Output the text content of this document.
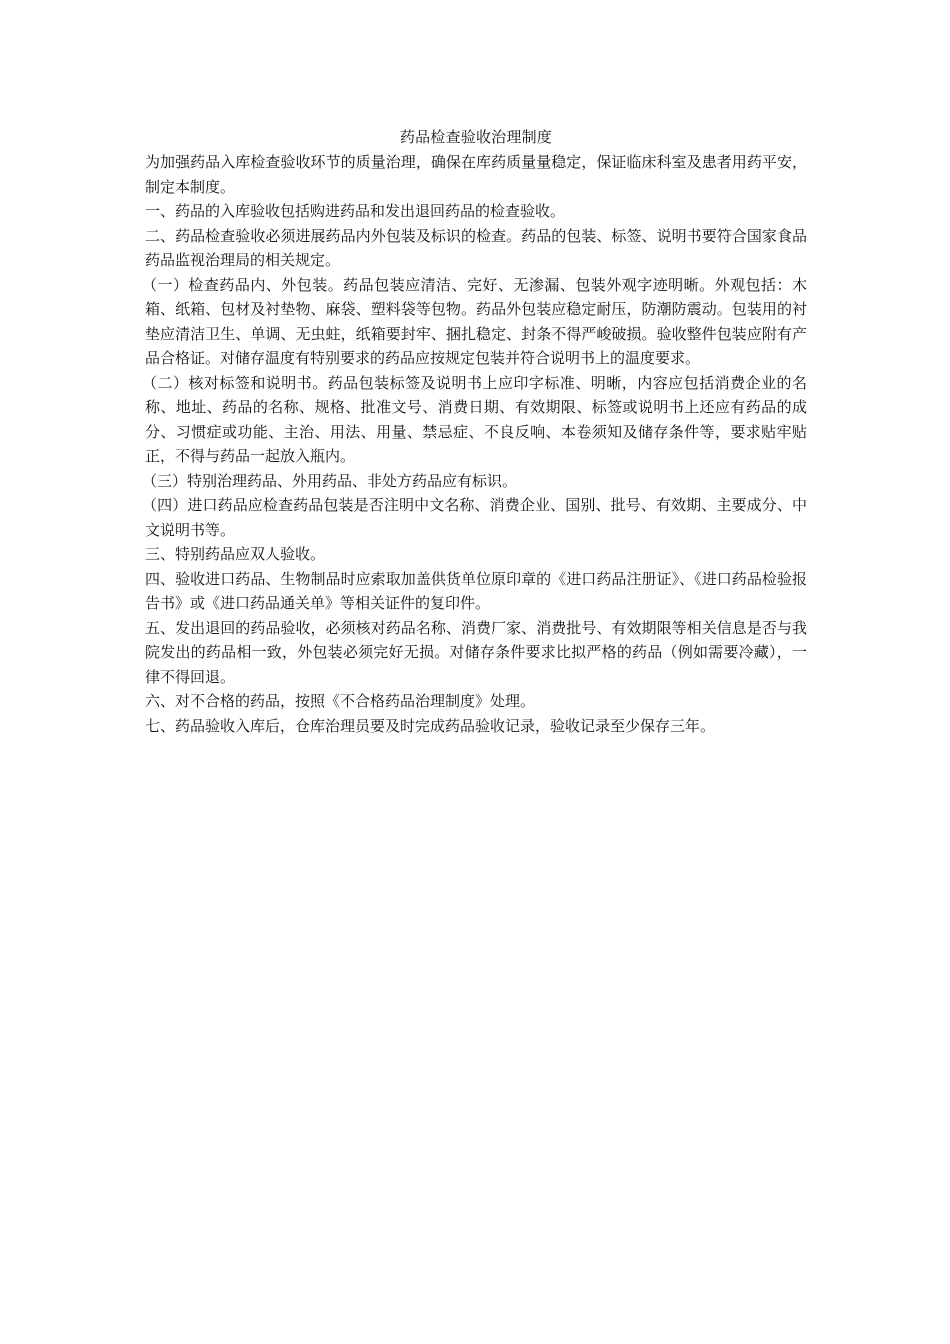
药品检查验收治理制度

为加强药品入库检查验收环节的质量治理，确保在库药质量量稳定，保证临床科室及患者用药平安，制定本制度。

一、药品的入库验收包括购进药品和发出退回药品的检查验收。

二、药品检查验收必须进展药品内外包装及标识的检查。药品的包装、标签、说明书要符合国家食品药品监视治理局的相关规定。

（一）检查药品内、外包装。药品包装应清洁、完好、无渗漏、包装外观字迹明晰。外观包括：木箱、纸箱、包材及衬垫物、麻袋、塑料袋等包物。药品外包装应稳定耐压，防潮防震动。包装用的衬垫应清洁卫生、单调、无虫蛀，纸箱要封牢、捆扎稳定、封条不得严峻破损。验收整件包装应附有产品合格证。对储存温度有特别要求的药品应按规定包装并符合说明书上的温度要求。

（二）核对标签和说明书。药品包装标签及说明书上应印字标准、明晰，内容应包括消费企业的名称、地址、药品的名称、规格、批准文号、消费日期、有效期限、标签或说明书上还应有药品的成分、习惯症或功能、主治、用法、用量、禁忌症、不良反响、本卷须知及储存条件等，要求贴牢贴正，不得与药品一起放入瓶内。

（三）特别治理药品、外用药品、非处方药品应有标识。

（四）进口药品应检查药品包装是否注明中文名称、消费企业、国别、批号、有效期、主要成分、中文说明书等。

三、特别药品应双人验收。

四、验收进口药品、生物制品时应索取加盖供货单位原印章的《进口药品注册证》、《进口药品检验报告书》或《进口药品通关单》等相关证件的复印件。

五、发出退回的药品验收，必须核对药品名称、消费厂家、消费批号、有效期限等相关信息是否与我院发出的药品相一致，外包装必须完好无损。对储存条件要求比拟严格的药品（例如需要冷藏），一律不得回退。

六、对不合格的药品，按照《不合格药品治理制度》处理。

七、药品验收入库后，仓库治理员要及时完成药品验收记录，验收记录至少保存三年。
